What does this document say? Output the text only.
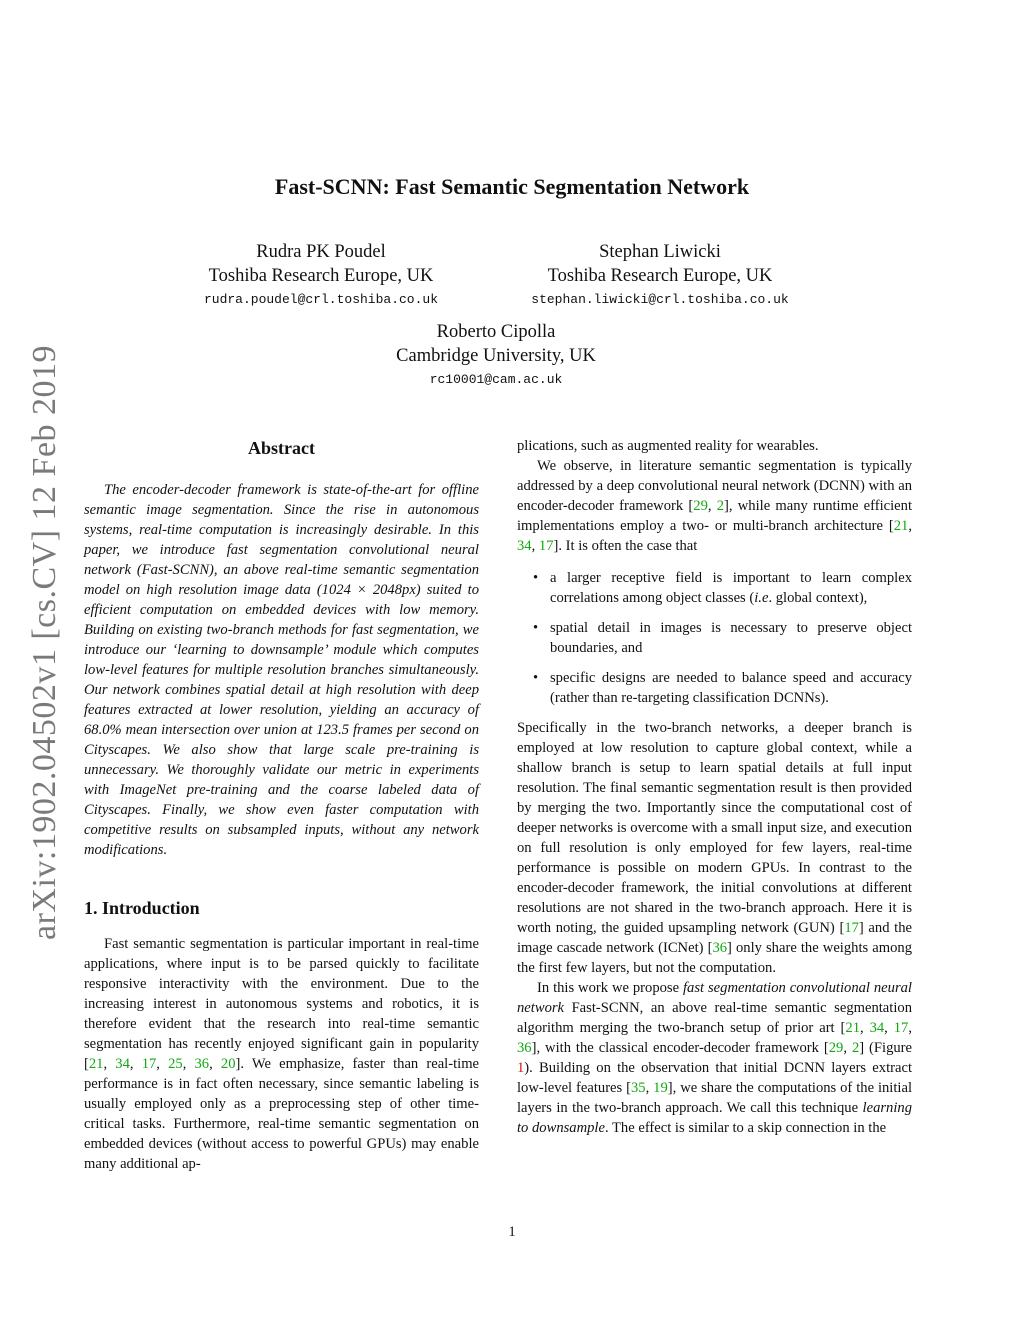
arXiv:1902.04502v1 [cs.CV] 12 Feb 2019
Fast-SCNN: Fast Semantic Segmentation Network
Rudra PK Poudel
Toshiba Research Europe, UK
rudra.poudel@crl.toshiba.co.uk
Stephan Liwicki
Toshiba Research Europe, UK
stephan.liwicki@crl.toshiba.co.uk
Roberto Cipolla
Cambridge University, UK
rc10001@cam.ac.uk
Abstract

The encoder-decoder framework is state-of-the-art for offline semantic image segmentation. Since the rise in autonomous systems, real-time computation is increasingly desirable. In this paper, we introduce fast segmentation convolutional neural network (Fast-SCNN), an above real-time semantic segmentation model on high resolution image data (1024 × 2048px) suited to efficient computation on embedded devices with low memory. Building on existing two-branch methods for fast segmentation, we introduce our ‘learning to downsample’ module which computes low-level features for multiple resolution branches simultaneously. Our network combines spatial detail at high resolution with deep features extracted at lower resolution, yielding an accuracy of 68.0% mean intersection over union at 123.5 frames per second on Cityscapes. We also show that large scale pre-training is unnecessary. We thoroughly validate our metric in experiments with ImageNet pre-training and the coarse labeled data of Cityscapes. Finally, we show even faster computation with competitive results on subsampled inputs, without any network modifications.

1. Introduction

Fast semantic segmentation is particular important in real-time applications, where input is to be parsed quickly to facilitate responsive interactivity with the environment. Due to the increasing interest in autonomous systems and robotics, it is therefore evident that the research into real-time semantic segmentation has recently enjoyed significant gain in popularity [21, 34, 17, 25, 36, 20]. We emphasize, faster than real-time performance is in fact often necessary, since semantic labeling is usually employed only as a preprocessing step of other time-critical tasks. Furthermore, real-time semantic segmentation on embedded devices (without access to powerful GPUs) may enable many additional ap-

plications, such as augmented reality for wearables.

We observe, in literature semantic segmentation is typically addressed by a deep convolutional neural network (DCNN) with an encoder-decoder framework [29, 2], while many runtime efficient implementations employ a two- or multi-branch architecture [21, 34, 17]. It is often the case that

• a larger receptive field is important to learn complex correlations among object classes (i.e. global context),
• spatial detail in images is necessary to preserve object boundaries, and
• specific designs are needed to balance speed and accuracy (rather than re-targeting classification DCNNs).

Specifically in the two-branch networks, a deeper branch is employed at low resolution to capture global context, while a shallow branch is setup to learn spatial details at full input resolution. The final semantic segmentation result is then provided by merging the two. Importantly since the computational cost of deeper networks is overcome with a small input size, and execution on full resolution is only employed for few layers, real-time performance is possible on modern GPUs. In contrast to the encoder-decoder framework, the initial convolutions at different resolutions are not shared in the two-branch approach. Here it is worth noting, the guided upsampling network (GUN) [17] and the image cascade network (ICNet) [36] only share the weights among the first few layers, but not the computation.

In this work we propose fast segmentation convolutional neural network Fast-SCNN, an above real-time semantic segmentation algorithm merging the two-branch setup of prior art [21, 34, 17, 36], with the classical encoder-decoder framework [29, 2] (Figure 1). Building on the observation that initial DCNN layers extract low-level features [35, 19], we share the computations of the initial layers in the two-branch approach. We call this technique learning to downsample. The effect is similar to a skip connection in the

1
